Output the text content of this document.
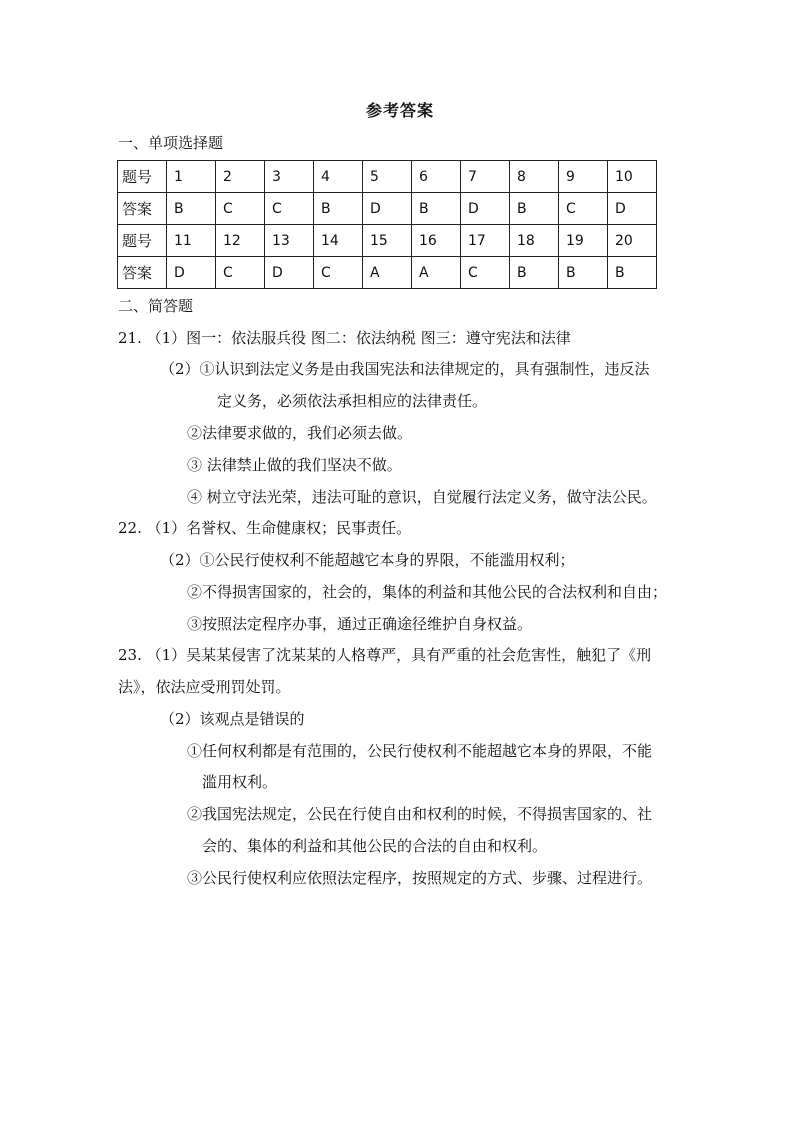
参考答案
一、单项选择题
题号	1	2	3	4	5	6	7	8	9	10
答案	B	C	C	B	D	B	D	B	C	D
题号	11	12	13	14	15	16	17	18	19	20
答案	D	C	D	C	A	A	C	B	B	B
二、简答题
21. （1）图一：依法服兵役 图二：依法纳税 图三：遵守宪法和法律
（2）①认识到法定义务是由我国宪法和法律规定的，具有强制性，违反法
定义务，必须依法承担相应的法律责任。
②法律要求做的，我们必须去做。
③ 法律禁止做的我们坚决不做。
④ 树立守法光荣，违法可耻的意识，自觉履行法定义务，做守法公民。
22. （1）名誉权、生命健康权；民事责任。
（2）①公民行使权利不能超越它本身的界限，不能滥用权利；
②不得损害国家的，社会的，集体的利益和其他公民的合法权利和自由；
③按照法定程序办事，通过正确途径维护自身权益。
23. （1）吴某某侵害了沈某某的人格尊严，具有严重的社会危害性，触犯了《刑
法》，依法应受刑罚处罚。
（2）该观点是错误的
①任何权利都是有范围的，公民行使权利不能超越它本身的界限，不能
滥用权利。
②我国宪法规定，公民在行使自由和权利的时候，不得损害国家的、社
会的、集体的利益和其他公民的合法的自由和权利。
③公民行使权利应依照法定程序，按照规定的方式、步骤、过程进行。
